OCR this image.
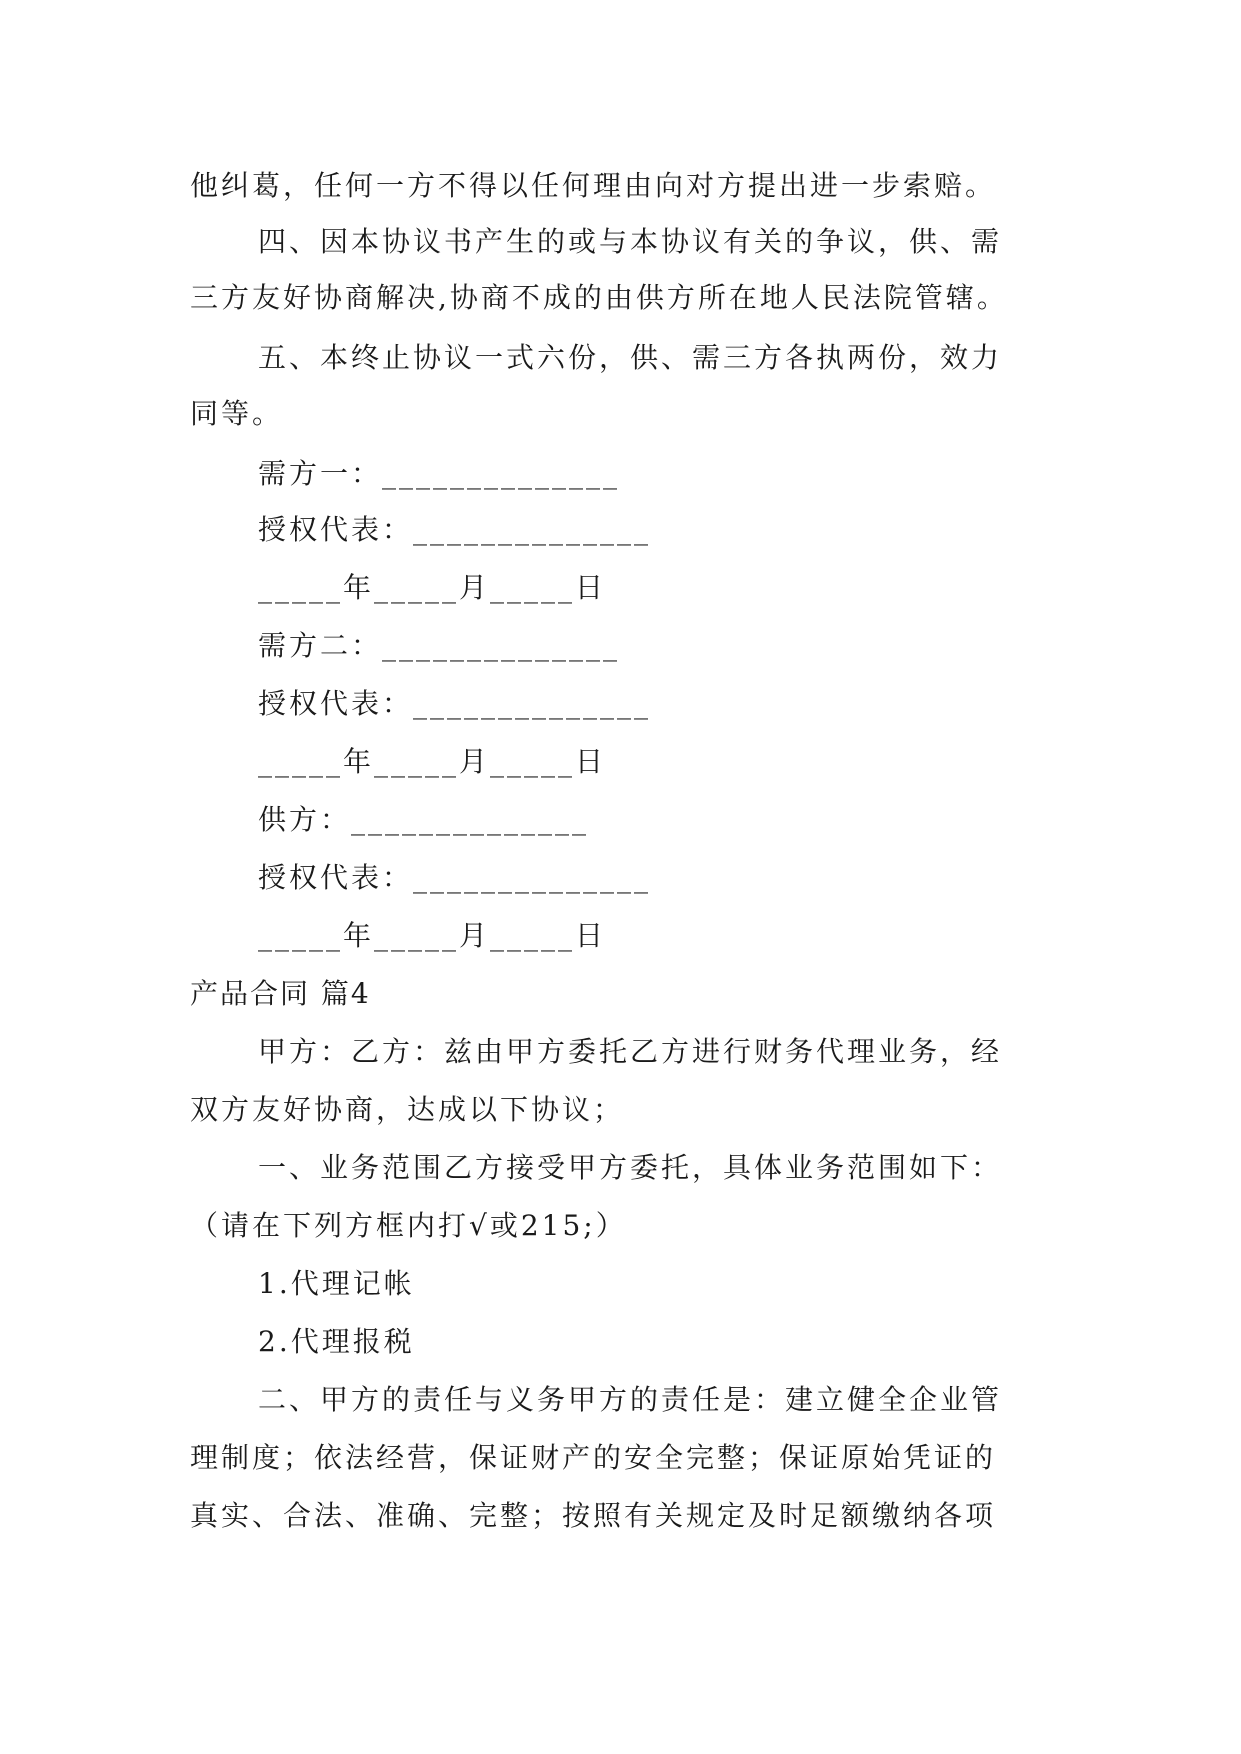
他纠葛，任何一方不得以任何理由向对方提出进一步索赔。
四、因本协议书产生的或与本协议有关的争议，供、需
三方友好协商解决,协商不成的由供方所在地人民法院管辖。
五、本终止协议一式六份，供、需三方各执两份，效力
同等。
需方一：______________
授权代表：______________
_____年_____月_____日
需方二：______________
授权代表：______________
_____年_____月_____日
供方：______________
授权代表：______________
_____年_____月_____日
产品合同 篇4
甲方：乙方：兹由甲方委托乙方进行财务代理业务，经
双方友好协商，达成以下协议；
一、业务范围乙方接受甲方委托，具体业务范围如下：
（请在下列方框内打√或215;）
1.代理记帐
2.代理报税
二、甲方的责任与义务甲方的责任是：建立健全企业管
理制度；依法经营，保证财产的安全完整；保证原始凭证的
真实、合法、准确、完整；按照有关规定及时足额缴纳各项
